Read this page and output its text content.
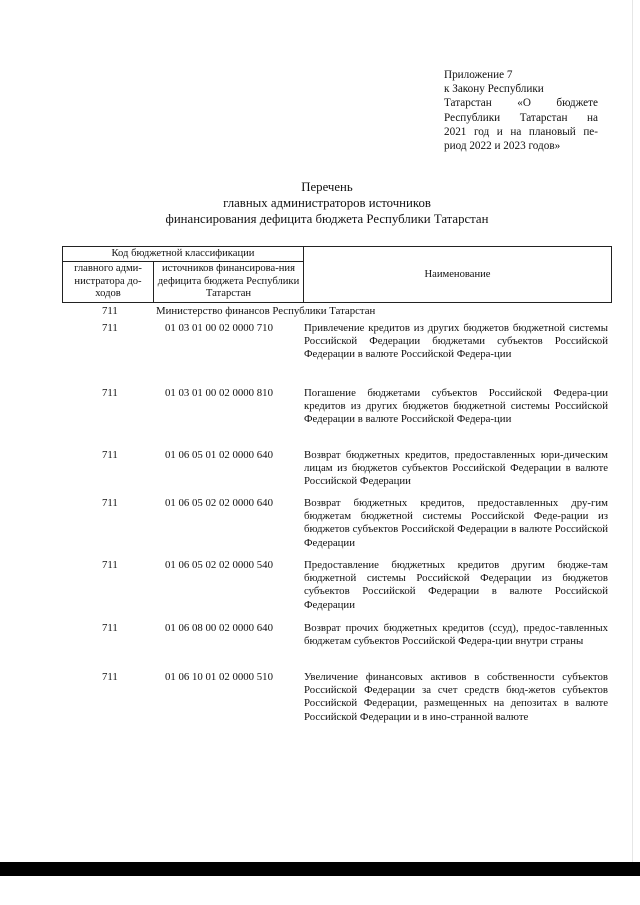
Приложение 7
к Закону Республики
Татарстан «О бюджете
Республики Татарстан на
2021 год и на плановый пе-
риод 2022 и 2023 годов»
Перечень
главных администраторов источников
финансирования дефицита бюджета Республики Татарстан
Код бюджетной классификации
главного адми-нистратора до-ходов
источников финансирова-ния дефицита бюджета Республики Татарстан
Наименование
711	Министерство финансов Республики Татарстан
711	01 03 01 00 02 0000 710	Привлечение кредитов из других бюджетов бюджетной системы Российской Федерации бюджетами субъектов Российской Федерации в валюте Российской Федера-ции
711	01 03 01 00 02 0000 810	Погашение бюджетами субъектов Российской Федера-ции кредитов из других бюджетов бюджетной системы Российской Федерации в валюте Российской Федера-ции
711	01 06 05 01 02 0000 640	Возврат бюджетных кредитов, предоставленных юри-дическим лицам из бюджетов субъектов Российской Федерации в валюте Российской Федерации
711	01 06 05 02 02 0000 640	Возврат бюджетных кредитов, предоставленных дру-гим бюджетам бюджетной системы Российской Феде-рации из бюджетов субъектов Российской Федерации в валюте Российской Федерации
711	01 06 05 02 02 0000 540	Предоставление бюджетных кредитов другим бюдже-там бюджетной системы Российской Федерации из бюджетов субъектов Российской Федерации в валюте Российской Федерации
711	01 06 08 00 02 0000 640	Возврат прочих бюджетных кредитов (ссуд), предос-тавленных бюджетам субъектов Российской Федера-ции внутри страны
711	01 06 10 01 02 0000 510	Увеличение финансовых активов в собственности субъектов Российской Федерации за счет средств бюд-жетов субъектов Российской Федерации, размещенных на депозитах в валюте Российской Федерации и в ино-странной валюте
